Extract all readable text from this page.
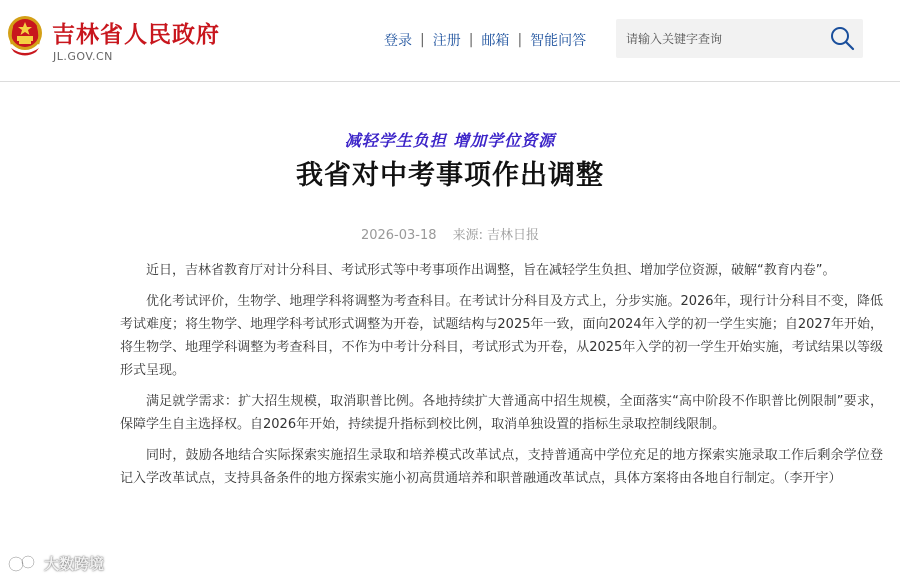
吉林省人民政府
JL.GOV.CN
登录 | 注册 | 邮箱 | 智能问答
请输入关键字查询
减轻学生负担 增加学位资源
我省对中考事项作出调整
2026-03-18 来源: 吉林日报

近日，吉林省教育厅对计分科目、考试形式等中考事项作出调整，旨在减轻学生负担、增加学位资源，破解“教育内卷”。

优化考试评价，生物学、地理学科将调整为考查科目。在考试计分科目及方式上，分步实施。2026年，现行计分科目不变，降低考试难度；将生物学、地理学科考试形式调整为开卷，试题结构与2025年一致，面向2024年入学的初一学生实施；自2027年开始，将生物学、地理学科调整为考查科目，不作为中考计分科目，考试形式为开卷，从2025年入学的初一学生开始实施，考试结果以等级形式呈现。

满足就学需求：扩大招生规模，取消职普比例。各地持续扩大普通高中招生规模，全面落实“高中阶段不作职普比例限制”要求，保障学生自主选择权。自2026年开始，持续提升指标到校比例，取消单独设置的指标生录取控制线限制。

同时，鼓励各地结合实际探索实施招生录取和培养模式改革试点，支持普通高中学位充足的地方探索实施录取工作后剩余学位登记入学改革试点，支持具备条件的地方探索实施小初高贯通培养和职普融通改革试点，具体方案将由各地自行制定。（李开宇）

大数跨境
